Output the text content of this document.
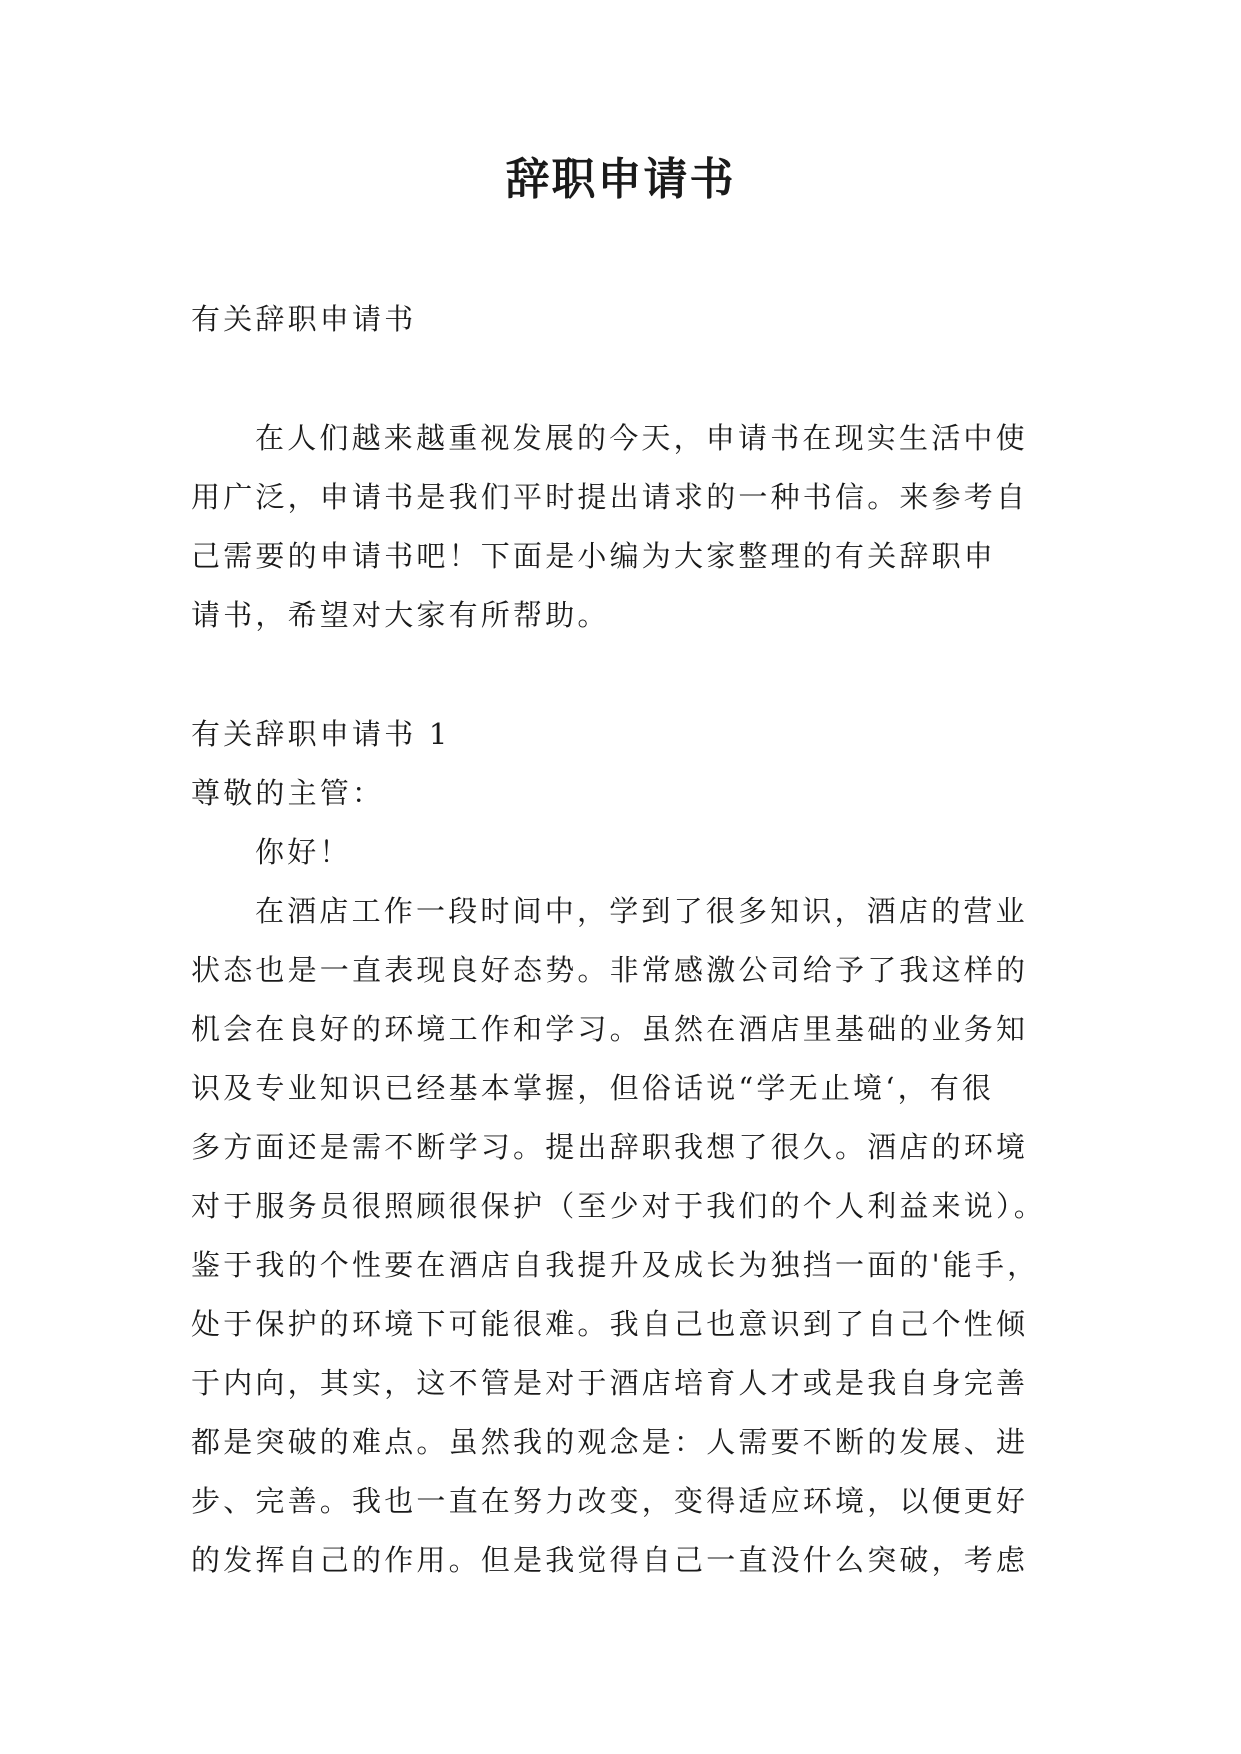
辞职申请书
有关辞职申请书
在人们越来越重视发展的今天，申请书在现实生活中使
用广泛，申请书是我们平时提出请求的一种书信。来参考自
己需要的申请书吧！下面是小编为大家整理的有关辞职申
请书，希望对大家有所帮助。
有关辞职申请书 1
尊敬的主管：
你好！
在酒店工作一段时间中，学到了很多知识，酒店的营业
状态也是一直表现良好态势。非常感激公司给予了我这样的
机会在良好的环境工作和学习。虽然在酒店里基础的业务知
识及专业知识已经基本掌握，但俗话说“学无止境‘，有很
多方面还是需不断学习。提出辞职我想了很久。酒店的环境
对于服务员很照顾很保护（至少对于我们的个人利益来说）。
鉴于我的个性要在酒店自我提升及成长为独挡一面的'能手，
处于保护的环境下可能很难。我自己也意识到了自己个性倾
于内向，其实，这不管是对于酒店培育人才或是我自身完善
都是突破的难点。虽然我的观念是：人需要不断的发展、进
步、完善。我也一直在努力改变，变得适应环境，以便更好
的发挥自己的作用。但是我觉得自己一直没什么突破，考虑
